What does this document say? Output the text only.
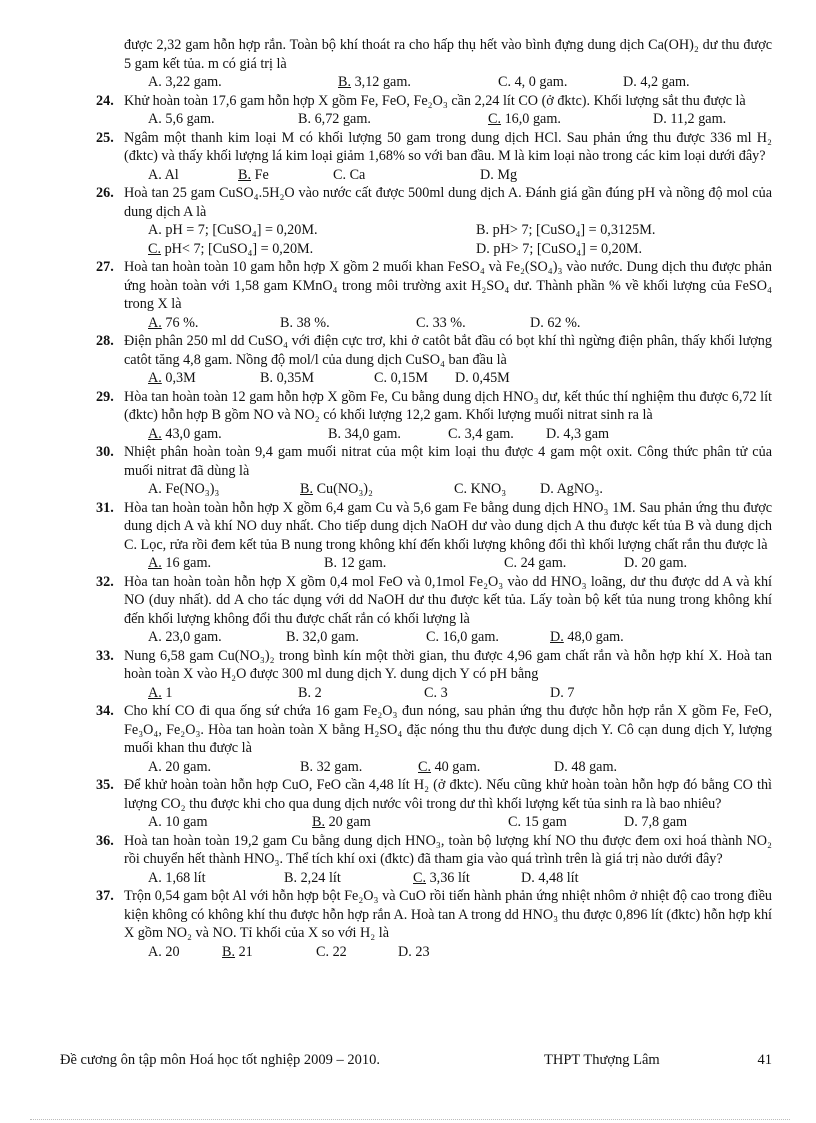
được 2,32 gam hỗn hợp rắn. Toàn bộ khí thoát ra cho hấp thụ hết vào bình đựng dung dịch Ca(OH)₂ dư thu được 5 gam kết tủa. m có giá trị là
A. 3,22 gam.	B. 3,12 gam.	C. 4, 0 gam.	D. 4,2 gam.
24. Khử hoàn toàn 17,6 gam hỗn hợp X gồm Fe, FeO, Fe₂O₃ cần 2,24 lít CO (ở đktc). Khối lượng sắt thu được là
A. 5,6 gam.	B. 6,72 gam.	C. 16,0 gam.	D. 11,2 gam.
25. Ngâm một thanh kim loại M có khối lượng 50 gam trong dung dịch HCl. Sau phản ứng thu được 336 ml H₂ (đktc) và thấy khối lượng lá kim loại giảm 1,68% so với ban đầu. M là kim loại nào trong các kim loại dưới đây?
A. Al	B. Fe	C. Ca	D. Mg
26. Hoà tan 25 gam CuSO₄.5H₂O vào nước cất được 500ml dung dịch A. Đánh giá gần đúng pH và nồng độ mol của dung dịch A là
A. pH = 7; [CuSO₄] = 0,20M.	B. pH> 7; [CuSO₄] = 0,3125M.
C. pH< 7; [CuSO₄] = 0,20M.	D. pH> 7; [CuSO₄] = 0,20M.
27. Hoà tan hoàn toàn 10 gam hỗn hợp X gồm 2 muối khan FeSO₄ và Fe₂(SO₄)₃ vào nước. Dung dịch thu được phản ứng hoàn toàn với 1,58 gam KMnO₄ trong môi trường axit H₂SO₄ dư. Thành phần % về khối lượng của FeSO₄ trong X là
A. 76 %.	B. 38 %.	C. 33 %.	D. 62 %.
28. Điện phân 250 ml dd CuSO₄ với điện cực trơ, khi ở catôt bắt đầu có bọt khí thì ngừng điện phân, thấy khối lượng catôt tăng 4,8 gam. Nồng độ mol/l của dung dịch CuSO₄ ban đầu là
A. 0,3M	B. 0,35M	C. 0,15M D. 0,45M
29. Hòa tan hoàn toàn 12 gam hỗn hợp X gồm Fe, Cu bằng dung dịch HNO₃ dư, kết thúc thí nghiệm thu được 6,72 lít (đktc) hỗn hợp B gồm NO và NO₂ có khối lượng 12,2 gam. Khối lượng muối nitrat sinh ra là
A. 43,0 gam.	B. 34,0 gam.	C. 3,4 gam. D. 4,3 gam
30. Nhiệt phân hoàn toàn 9,4 gam muối nitrat của một kim loại thu được 4 gam một oxit. Công thức phân tử của muối nitrat đã dùng là
A. Fe(NO₃)₃	B. Cu(NO₃)₂	C. KNO₃ D. AgNO₃.
31. Hòa tan hoàn toàn hỗn hợp X gồm 6,4 gam Cu và 5,6 gam Fe bằng dung dịch HNO₃ 1M. Sau phản ứng thu được dung dịch A và khí NO duy nhất. Cho tiếp dung dịch NaOH dư vào dung dịch A thu được kết tủa B và dung dịch C. Lọc, rửa rồi đem kết tủa B nung trong không khí đến khối lượng không đổi thì khối lượng chất rắn thu được là
A. 16 gam.	B. 12 gam.	C. 24 gam.	D. 20 gam.
32. Hòa tan hoàn toàn hỗn hợp X gồm 0,4 mol FeO và 0,1mol Fe₂O₃ vào dd HNO₃ loãng, dư thu được dd A và khí NO (duy nhất). dd A cho tác dụng với dd NaOH dư thu được kết tủa. Lấy toàn bộ kết tủa nung trong không khí đến khối lượng không đổi thu được chất rắn có khối lượng là
A. 23,0 gam.	B. 32,0 gam.	C. 16,0 gam.	D. 48,0 gam.
33. Nung 6,58 gam Cu(NO₃)₂ trong bình kín một thời gian, thu được 4,96 gam chất rắn và hỗn hợp khí X. Hoà tan hoàn toàn X vào H₂O được 300 ml dung dịch Y. dung dịch Y có pH bằng
A. 1	B. 2	C. 3	D. 7
34. Cho khí CO đi qua ống sứ chứa 16 gam Fe₂O₃ đun nóng, sau phản ứng thu được hỗn hợp rắn X gồm Fe, FeO, Fe₃O₄, Fe₂O₃. Hòa tan hoàn toàn X bằng H₂SO₄ đặc nóng thu thu được dung dịch Y. Cô cạn dung dịch Y, lượng muối khan thu được là
A. 20 gam.	B. 32 gam.	C. 40 gam.	D. 48 gam.
35. Để khử hoàn toàn hỗn hợp CuO, FeO cần 4,48 lít H₂ (ở đktc). Nếu cũng khử hoàn toàn hỗn hợp đó bằng CO thì lượng CO₂ thu được khi cho qua dung dịch nước vôi trong dư thì khối lượng kết tủa sinh ra là bao nhiêu?
A. 10 gam	B. 20 gam	C. 15 gam	D. 7,8 gam
36. Hoà tan hoàn toàn 19,2 gam Cu bằng dung dịch HNO₃, toàn bộ lượng khí NO thu được đem oxi hoá thành NO₂ rồi chuyển hết thành HNO₃. Thể tích khí oxi (đktc) đã tham gia vào quá trình trên là giá trị nào dưới đây?
A. 1,68 lít	B. 2,24 lít	C. 3,36 lít	D. 4,48 lít
37. Trộn 0,54 gam bột Al với hỗn hợp bột Fe₂O₃ và CuO rồi tiến hành phản ứng nhiệt nhôm ở nhiệt độ cao trong điều kiện không có không khí thu được hỗn hợp rắn A. Hoà tan A trong dd HNO₃ thu được 0,896 lít (đktc) hỗn hợp khí X gồm NO₂ và NO. Tỉ khối của X so với H₂ là
A. 20	B. 21	C. 22	D. 23
Đề cương ôn tập môn Hoá học tốt nghiệp 2009 – 2010.	THPT Thượng Lâm	41
